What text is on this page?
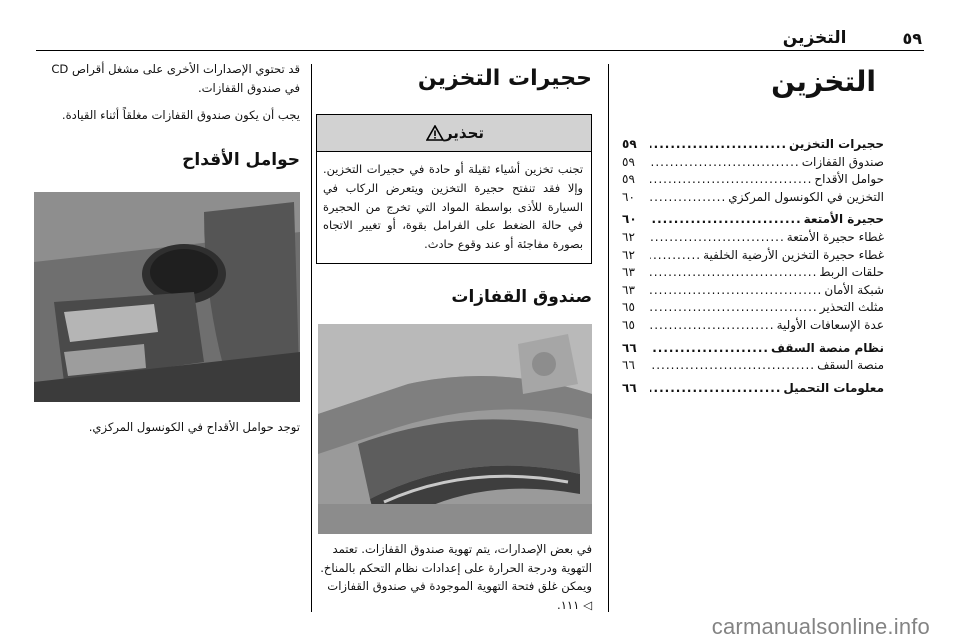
٥٩
التخزين
التخزين
حجيرات التخزين
.....
٥٩
صندوق القفازات
.....
٥٩
حوامل الأقداح
.....
٥٩
التخزين في الكونسول المركزي
.....
٦٠
حجيرة الأمتعة
.....
٦٠
غطاء حجيرة الأمتعة
.....
٦٢
غطاء حجيرة التخزين الأرضية الخلفية
.....
٦٢
حلقات الربط
.....
٦٣
شبكة الأمان
.....
٦٣
مثلث التحذير
.....
٦٥
عدة الإسعافات الأولية
.....
٦٥
نظام منصة السقف
.....
٦٦
منصة السقف
.....
٦٦
معلومات التحميل
.....
٦٦
حجيرات التخزين
تحذير
تجنب تخزين أشياء ثقيلة أو حادة في حجيرات التخزين. وإلا فقد تنفتح حجيرة التخزين ويتعرض الركاب في السيارة للأذى بواسطة المواد التي تخرج من الحجيرة في حالة الضغط على الفرامل بقوة، أو تغيير الاتجاه بصورة مفاجئة أو عند وقوع حادث.
صندوق القفازات
في بعض الإصدارات، يتم تهوية صندوق القفازات. تعتمد التهوية ودرجة الحرارة على إعدادات نظام التحكم بالمناخ. ويمكن غلق فتحة التهوية الموجودة في صندوق القفازات ◁ ١١١.

قد تحتوي الإصدارات الأخرى على مشغل أقراص CD في صندوق القفازات.

يجب أن يكون صندوق القفازات مغلقاً أثناء القيادة.

حوامل الأقداح
توجد حوامل الأقداح في الكونسول المركزي.
carmanualsonline.info
